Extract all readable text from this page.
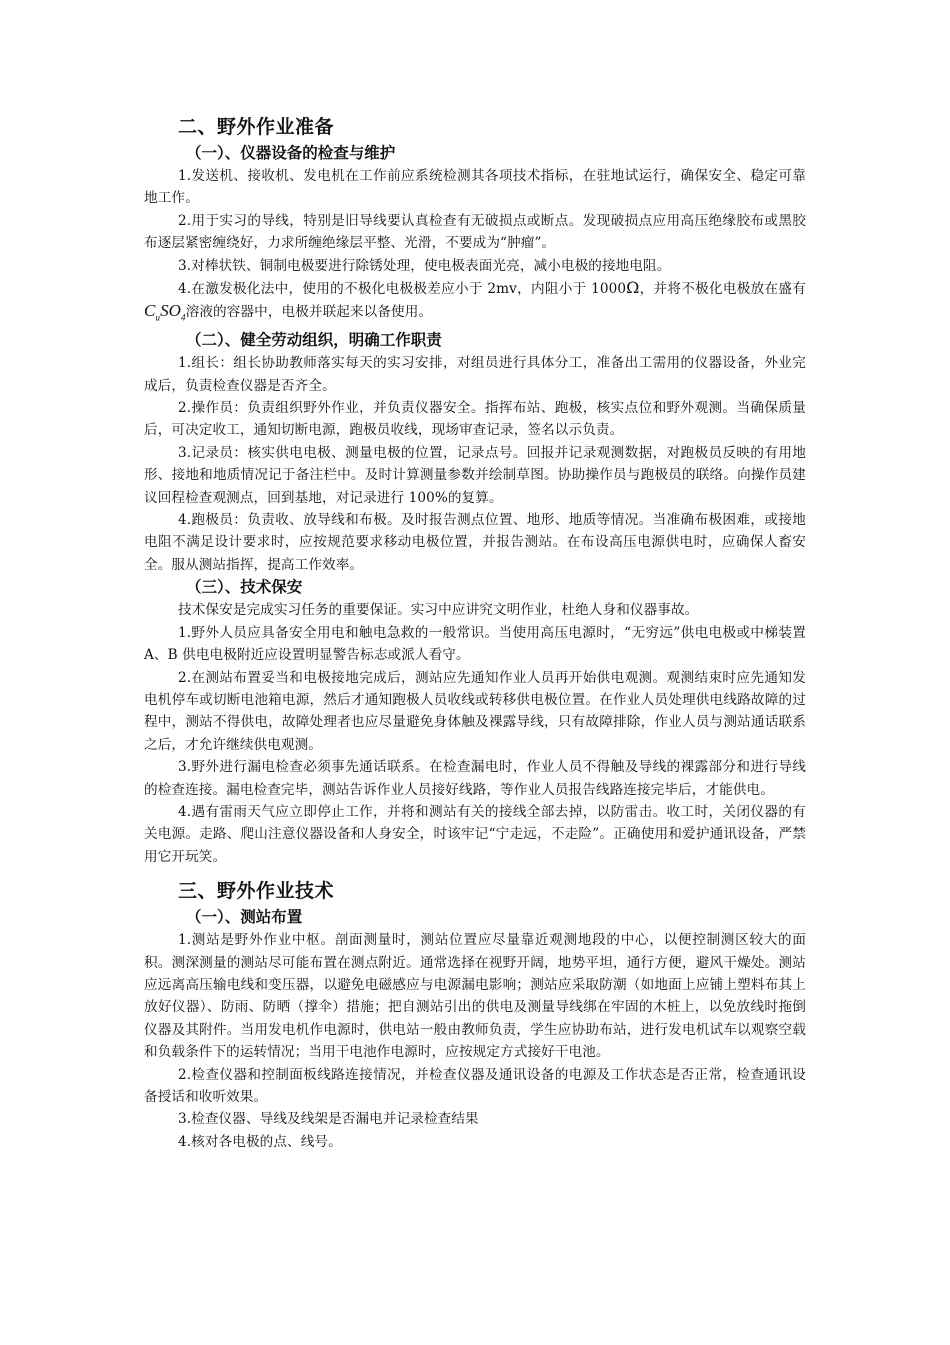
二、野外作业准备
（一）、仪器设备的检查与维护

1.发送机、接收机、发电机在工作前应系统检测其各项技术指标，在驻地试运行，确保安全、稳定可靠地工作。

2.用于实习的导线，特别是旧导线要认真检查有无破损点或断点。发现破损点应用高压绝缘胶布或黑胶布逐层紧密缠绕好，力求所缠绝缘层平整、光滑，不要成为“肿瘤”。

3.对棒状铁、铜制电极要进行除锈处理，使电极表面光亮，减小电极的接地电阻。

4.在激发极化法中，使用的不极化电极极差应小于 2mv，内阻小于 1000Ω，并将不极化电极放在盛有$C_uSO_4$溶液的容器中，电极并联起来以备使用。

（二）、健全劳动组织，明确工作职责

1.组长：组长协助教师落实每天的实习安排，对组员进行具体分工，准备出工需用的仪器设备，外业完成后，负责检查仪器是否齐全。

2.操作员：负责组织野外作业，并负责仪器安全。指挥布站、跑极，核实点位和野外观测。当确保质量后，可决定收工，通知切断电源，跑极员收线，现场审查记录，签名以示负责。

3.记录员：核实供电电极、测量电极的位置，记录点号。回报并记录观测数据，对跑极员反映的有用地形、接地和地质情况记于备注栏中。及时计算测量参数并绘制草图。协助操作员与跑极员的联络。向操作员建议回程检查观测点，回到基地，对记录进行 100%的复算。

4.跑极员：负责收、放导线和布极。及时报告测点位置、地形、地质等情况。当准确布极困难，或接地电阻不满足设计要求时，应按规范要求移动电极位置，并报告测站。在布设高压电源供电时，应确保人畜安全。服从测站指挥，提高工作效率。

（三）、技术保安

技术保安是完成实习任务的重要保证。实习中应讲究文明作业，杜绝人身和仪器事故。

1.野外人员应具备安全用电和触电急救的一般常识。当使用高压电源时，“无穷远”供电电极或中梯装置 A、B 供电电极附近应设置明显警告标志或派人看守。

2.在测站布置妥当和电极接地完成后，测站应先通知作业人员再开始供电观测。观测结束时应先通知发电机停车或切断电池箱电源，然后才通知跑极人员收线或转移供电极位置。在作业人员处理供电线路故障的过程中，测站不得供电，故障处理者也应尽量避免身体触及裸露导线，只有故障排除，作业人员与测站通话联系之后，才允许继续供电观测。

3.野外进行漏电检查必须事先通话联系。在检查漏电时，作业人员不得触及导线的裸露部分和进行导线的检查连接。漏电检查完毕，测站告诉作业人员接好线路，等作业人员报告线路连接完毕后，才能供电。

4.遇有雷雨天气应立即停止工作，并将和测站有关的接线全部去掉，以防雷击。收工时，关闭仪器的有关电源。走路、爬山注意仪器设备和人身安全，时该牢记“宁走远，不走险”。正确使用和爱护通讯设备，严禁用它开玩笑。

三、野外作业技术
（一）、测站布置

1.测站是野外作业中枢。剖面测量时，测站位置应尽量靠近观测地段的中心，以便控制测区较大的面积。测深测量的测站尽可能布置在测点附近。通常选择在视野开阔，地势平坦，通行方便，避风干燥处。测站应远离高压输电线和变压器，以避免电磁感应与电源漏电影响；测站应采取防潮（如地面上应铺上塑料布其上放好仪器）、防雨、防晒（撑伞）措施；把自测站引出的供电及测量导线绑在牢固的木桩上，以免放线时拖倒仪器及其附件。当用发电机作电源时，供电站一般由教师负责，学生应协助布站，进行发电机试车以观察空载和负载条件下的运转情况；当用干电池作电源时，应按规定方式接好干电池。

2.检查仪器和控制面板线路连接情况，并检查仪器及通讯设备的电源及工作状态是否正常，检查通讯设备授话和收听效果。

3.检查仪器、导线及线架是否漏电并记录检查结果

4.核对各电极的点、线号。
